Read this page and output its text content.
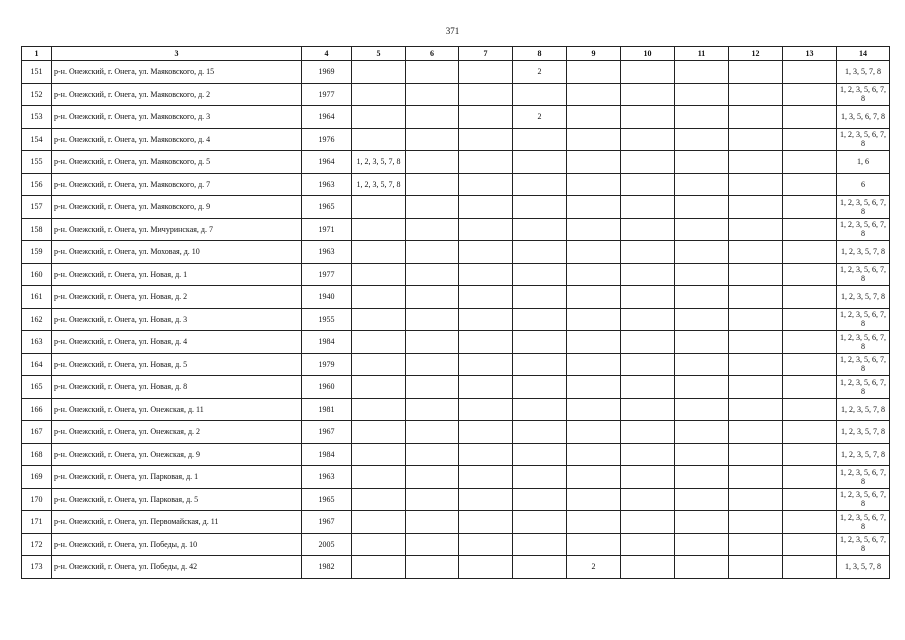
371
1	3	4	5	6	7	8	9	10	11	12	13	14
151	р-н. Онежский, г. Онега, ул. Маяковского, д. 15	1969				2						1, 3, 5, 7, 8
152	р-н. Онежский, г. Онега, ул. Маяковского, д. 2	1977										1, 2, 3, 5, 6, 7, 8
153	р-н. Онежский, г. Онега, ул. Маяковского, д. 3	1964				2						1, 3, 5, 6, 7, 8
154	р-н. Онежский, г. Онега, ул. Маяковского, д. 4	1976										1, 2, 3, 5, 6, 7, 8
155	р-н. Онежский, г. Онега, ул. Маяковского, д. 5	1964	1, 2, 3, 5, 7, 8									1, 6
156	р-н. Онежский, г. Онега, ул. Маяковского, д. 7	1963	1, 2, 3, 5, 7, 8									6
157	р-н. Онежский, г. Онега, ул. Маяковского, д. 9	1965										1, 2, 3, 5, 6, 7, 8
158	р-н. Онежский, г. Онега, ул. Мичуринская, д. 7	1971										1, 2, 3, 5, 6, 7, 8
159	р-н. Онежский, г. Онега, ул. Моховая, д. 10	1963										1, 2, 3, 5, 7, 8
160	р-н. Онежский, г. Онега, ул. Новая, д. 1	1977										1, 2, 3, 5, 6, 7, 8
161	р-н. Онежский, г. Онега, ул. Новая, д. 2	1940										1, 2, 3, 5, 7, 8
162	р-н. Онежский, г. Онега, ул. Новая, д. 3	1955										1, 2, 3, 5, 6, 7, 8
163	р-н. Онежский, г. Онега, ул. Новая, д. 4	1984										1, 2, 3, 5, 6, 7, 8
164	р-н. Онежский, г. Онега, ул. Новая, д. 5	1979										1, 2, 3, 5, 6, 7, 8
165	р-н. Онежский, г. Онега, ул. Новая, д. 8	1960										1, 2, 3, 5, 6, 7, 8
166	р-н. Онежский, г. Онега, ул. Онежская, д. 11	1981										1, 2, 3, 5, 7, 8
167	р-н. Онежский, г. Онега, ул. Онежская, д. 2	1967										1, 2, 3, 5, 7, 8
168	р-н. Онежский, г. Онега, ул. Онежская, д. 9	1984										1, 2, 3, 5, 7, 8
169	р-н. Онежский, г. Онега, ул. Парковая, д. 1	1963										1, 2, 3, 5, 6, 7, 8
170	р-н. Онежский, г. Онега, ул. Парковая, д. 5	1965										1, 2, 3, 5, 6, 7, 8
171	р-н. Онежский, г. Онега, ул. Первомайская, д. 11	1967										1, 2, 3, 5, 6, 7, 8
172	р-н. Онежский, г. Онега, ул. Победы, д. 10	2005										1, 2, 3, 5, 6, 7, 8
173	р-н. Онежский, г. Онега, ул. Победы, д. 42	1982					2					1, 3, 5, 7, 8
